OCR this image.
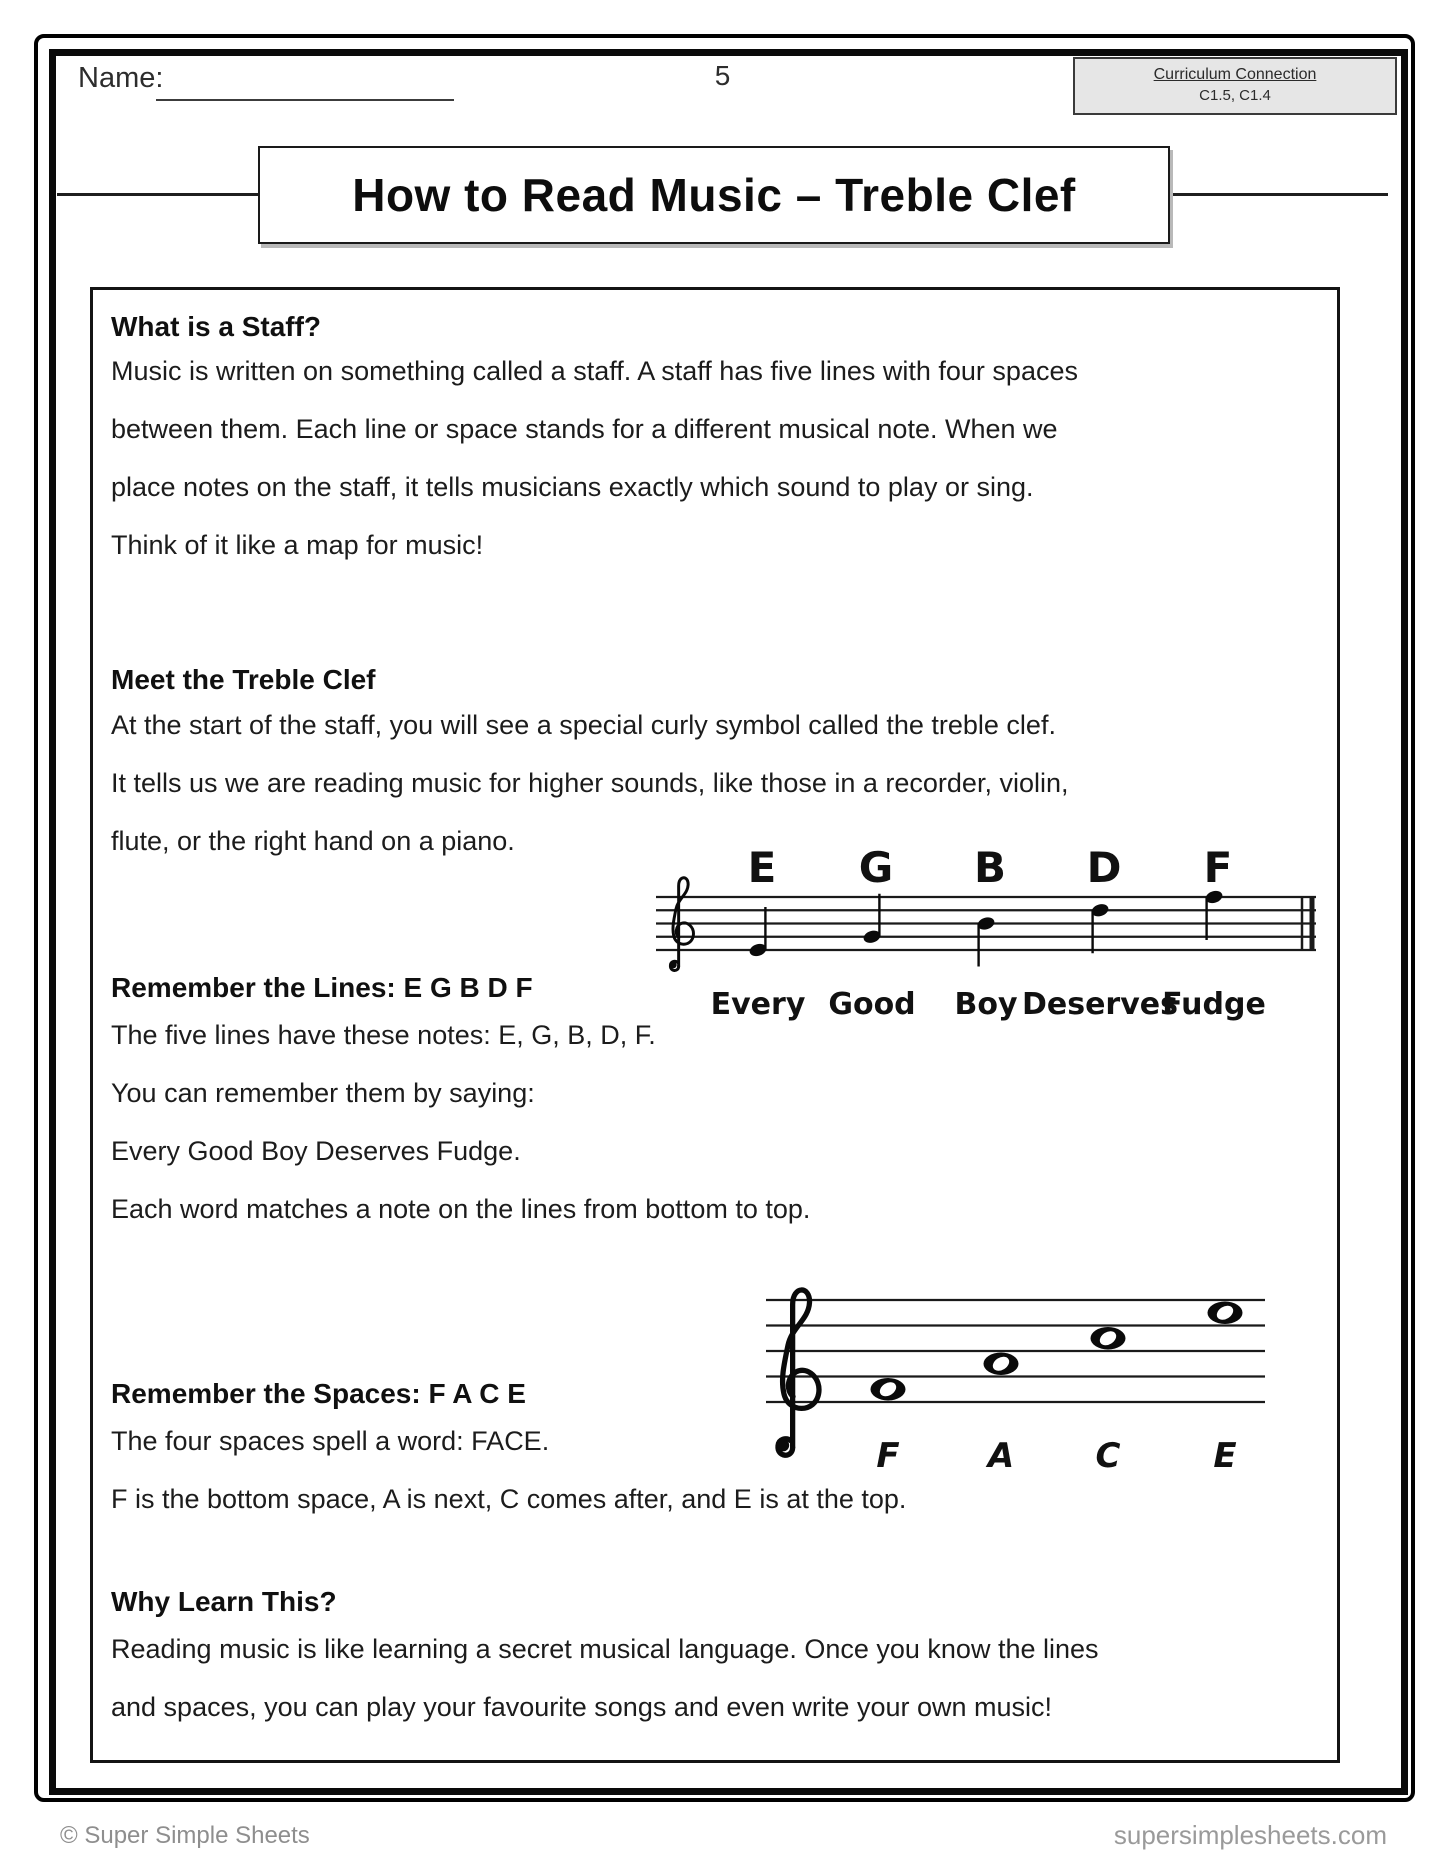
Name:	5	Curriculum Connection
C1.5, C1.4
How to Read Music – Treble Clef
What is a Staff?
Music is written on something called a staff. A staff has five lines with four spaces
between them. Each line or space stands for a different musical note. When we
place notes on the staff, it tells musicians exactly which sound to play or sing.
Think of it like a map for music!
Meet the Treble Clef
At the start of the staff, you will see a special curly symbol called the treble clef.
It tells us we are reading music for higher sounds, like those in a recorder, violin,
flute, or the right hand on a piano.
E
Every
G
Good
B
Boy
D
Deserves
F
Fudge
Remember the Lines: E G B D F
The five lines have these notes: E, G, B, D, F.
You can remember them by saying:
Every Good Boy Deserves Fudge.
Each word matches a note on the lines from bottom to top.
F	A C	E
Remember the Spaces: F A C E
The four spaces spell a word: FACE.
F is the bottom space, A is next, C comes after, and E is at the top.
Why Learn This?
Reading music is like learning a secret musical language. Once you know the lines
and spaces, you can play your favourite songs and even write your own music!
© Super Simple Sheets	supersimplesheets.com
